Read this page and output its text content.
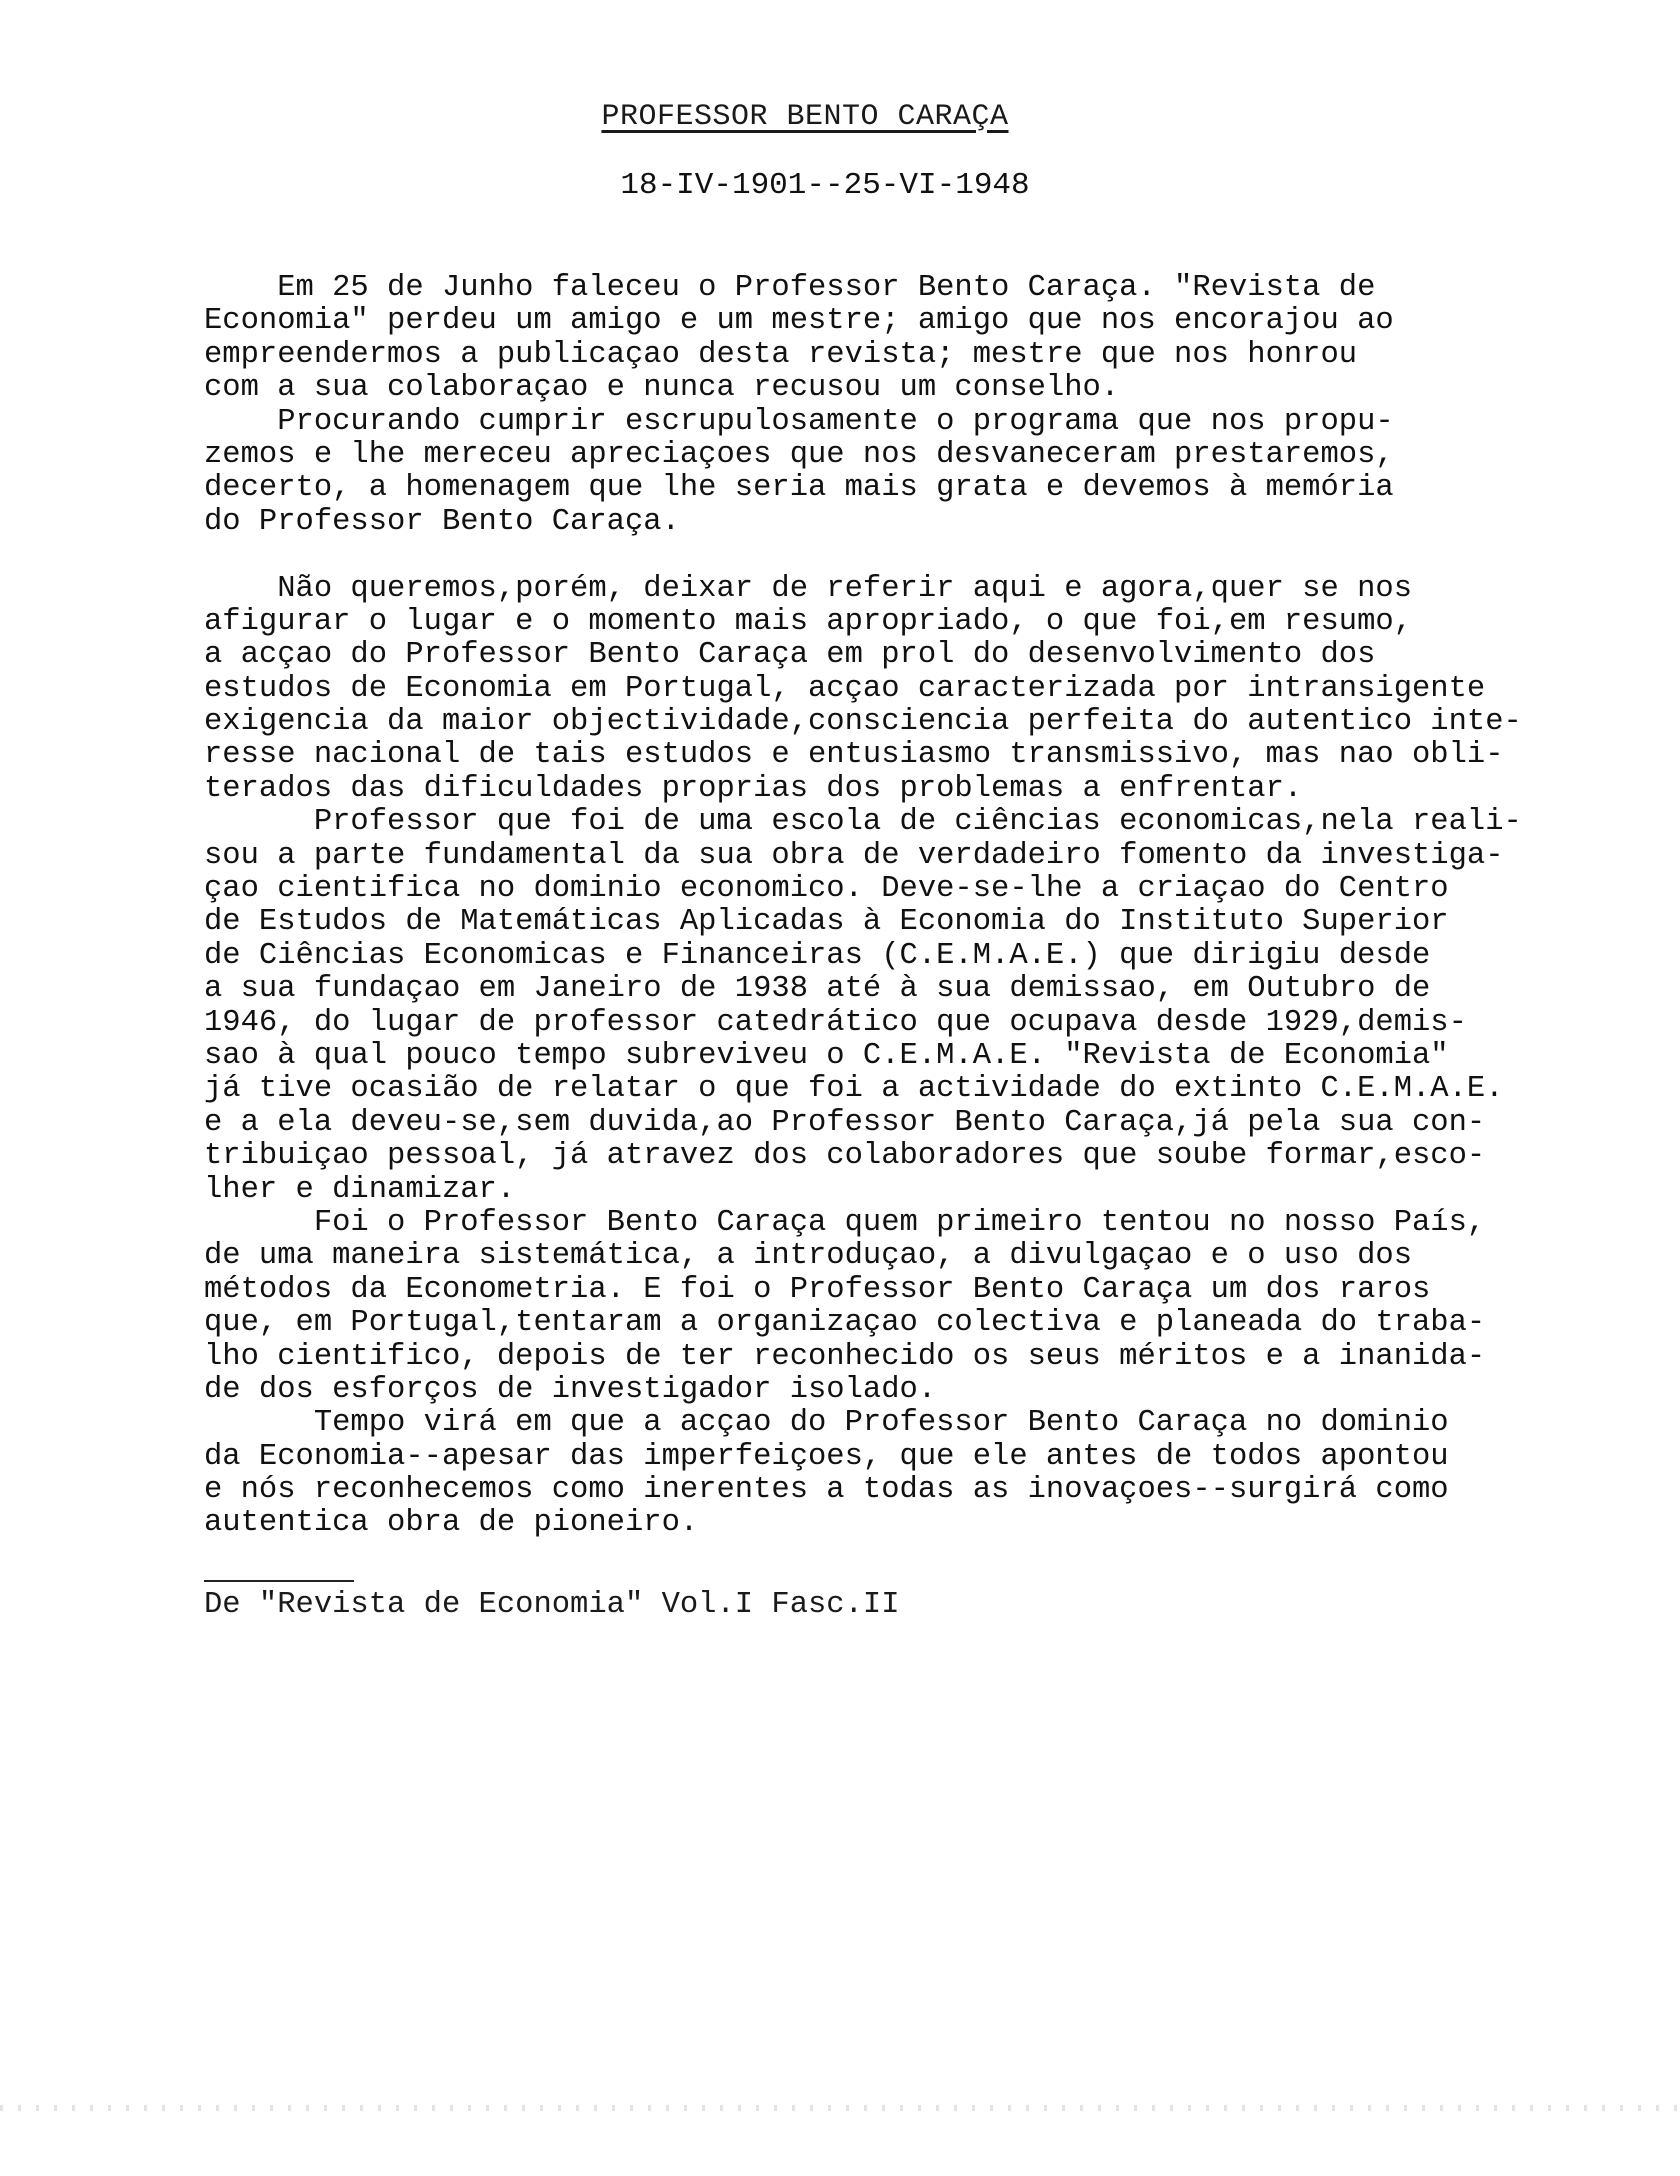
PROFESSOR BENTO CARAÇA
18-IV-1901--25-VI-1948
Em 25 de Junho faleceu o Professor Bento Caraça. "Revista de
Economia" perdeu um amigo e um mestre; amigo que nos encorajou ao
empreendermos a publicaçao desta revista; mestre que nos honrou
com a sua colaboraçao e nunca recusou um conselho.
Procurando cumprir escrupulosamente o programa que nos propu-
zemos e lhe mereceu apreciaçoes que nos desvaneceram prestaremos,
decerto, a homenagem que lhe seria mais grata e devemos à memória
do Professor Bento Caraça.
Não queremos,porém, deixar de referir aqui e agora,quer se nos
afigurar o lugar e o momento mais apropriado, o que foi,em resumo,
a acçao do Professor Bento Caraça em prol do desenvolvimento dos
estudos de Economia em Portugal, acçao caracterizada por intransigente
exigencia da maior objectividade,consciencia perfeita do autentico inte-
resse nacional de tais estudos e entusiasmo transmissivo, mas nao obli-
terados das dificuldades proprias dos problemas a enfrentar.
Professor que foi de uma escola de ciências economicas,nela reali-
sou a parte fundamental da sua obra de verdadeiro fomento da investiga-
çao cientifica no dominio economico. Deve-se-lhe a criaçao do Centro
de Estudos de Matemáticas Aplicadas à Economia do Instituto Superior
de Ciências Economicas e Financeiras (C.E.M.A.E.) que dirigiu desde
a sua fundaçao em Janeiro de 1938 até à sua demissao, em Outubro de
1946, do lugar de professor catedrático que ocupava desde 1929,demis-
sao à qual pouco tempo subreviveu o C.E.M.A.E. "Revista de Economia"
já tive ocasião de relatar o que foi a actividade do extinto C.E.M.A.E.
e a ela deveu-se,sem duvida,ao Professor Bento Caraça,já pela sua con-
tribuiçao pessoal, já atravez dos colaboradores que soube formar,esco-
lher e dinamizar.
Foi o Professor Bento Caraça quem primeiro tentou no nosso País,
de uma maneira sistemática, a introduçao, a divulgaçao e o uso dos
métodos da Econometria. E foi o Professor Bento Caraça um dos raros
que, em Portugal,tentaram a organizaçao colectiva e planeada do traba-
lho cientifico, depois de ter reconhecido os seus méritos e a inanida-
de dos esforços de investigador isolado.
Tempo virá em que a acçao do Professor Bento Caraça no dominio
da Economia--apesar das imperfeiçoes, que ele antes de todos apontou
e nós reconhecemos como inerentes a todas as inovaçoes--surgirá como
autentica obra de pioneiro.
De "Revista de Economia" Vol.I Fasc.II
